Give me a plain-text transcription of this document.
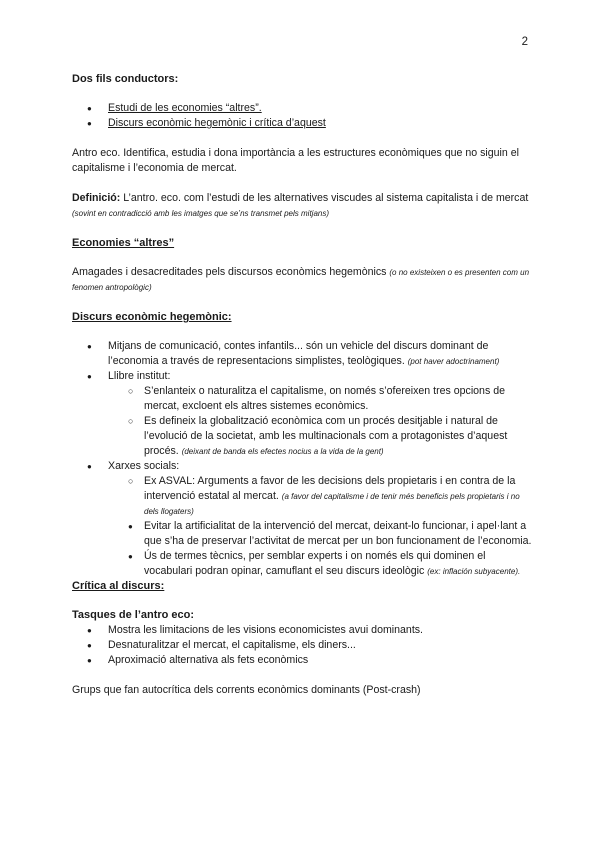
2

Dos fils conductors:

● Estudi de les economies “altres”.
● Discurs econòmic hegemònic i crítica d’aquest

Antro eco. Identifica, estudia i dona importància a les estructures econòmiques que no siguin el capitalisme i l’economia de mercat.

Definició: L’antro. eco. com l’estudi de les alternatives viscudes al sistema capitalista i de mercat (sovint en contradicció amb les imatges que se’ns transmet pels mitjans)

Economies “altres”

Amagades i desacreditades pels discursos econòmics hegemònics (o no existeixen o es presenten com un fenomen antropològic)

Discurs econòmic hegemònic:

● Mitjans de comunicació, contes infantils... són un vehicle del discurs dominant de l’economia a través de representacions simplistes, teològiques. (pot haver adoctrinament)
● Llibre institut:
○ S’enlanteix o naturalitza el capitalisme, on només s’ofereixen tres opcions de mercat, excloent els altres sistemes econòmics.
○ Es defineix la globalització econòmica com un procés desitjable i natural de l’evolució de la societat, amb les multinacionals com a protagonistes d’aquest procés. (deixant de banda els efectes nocius a la vida de la gent)
● Xarxes socials:
○ Ex ASVAL: Arguments a favor de les decisions dels propietaris i en contra de la intervenció estatal al mercat. (a favor del capitalisme i de tenir més beneficis pels propietaris i no dels llogaters)
● Evitar la artificialitat de la intervenció del mercat, deixant-lo funcionar, i apel·lant a que s’ha de preservar l’activitat de mercat per un bon funcionament de l’economia.
● Ús de termes tècnics, per semblar experts i on només els qui dominen el vocabulari podran opinar, camuflant el seu discurs ideològic (ex: inflación subyacente).

Crítica al discurs:

Tasques de l’antro eco:

● Mostra les limitacions de les visions economicistes avui dominants.
● Desnaturalitzar el mercat, el capitalisme, els diners...
● Aproximació alternativa als fets econòmics

Grups que fan autocrítica dels corrents econòmics dominants (Post-crash)
